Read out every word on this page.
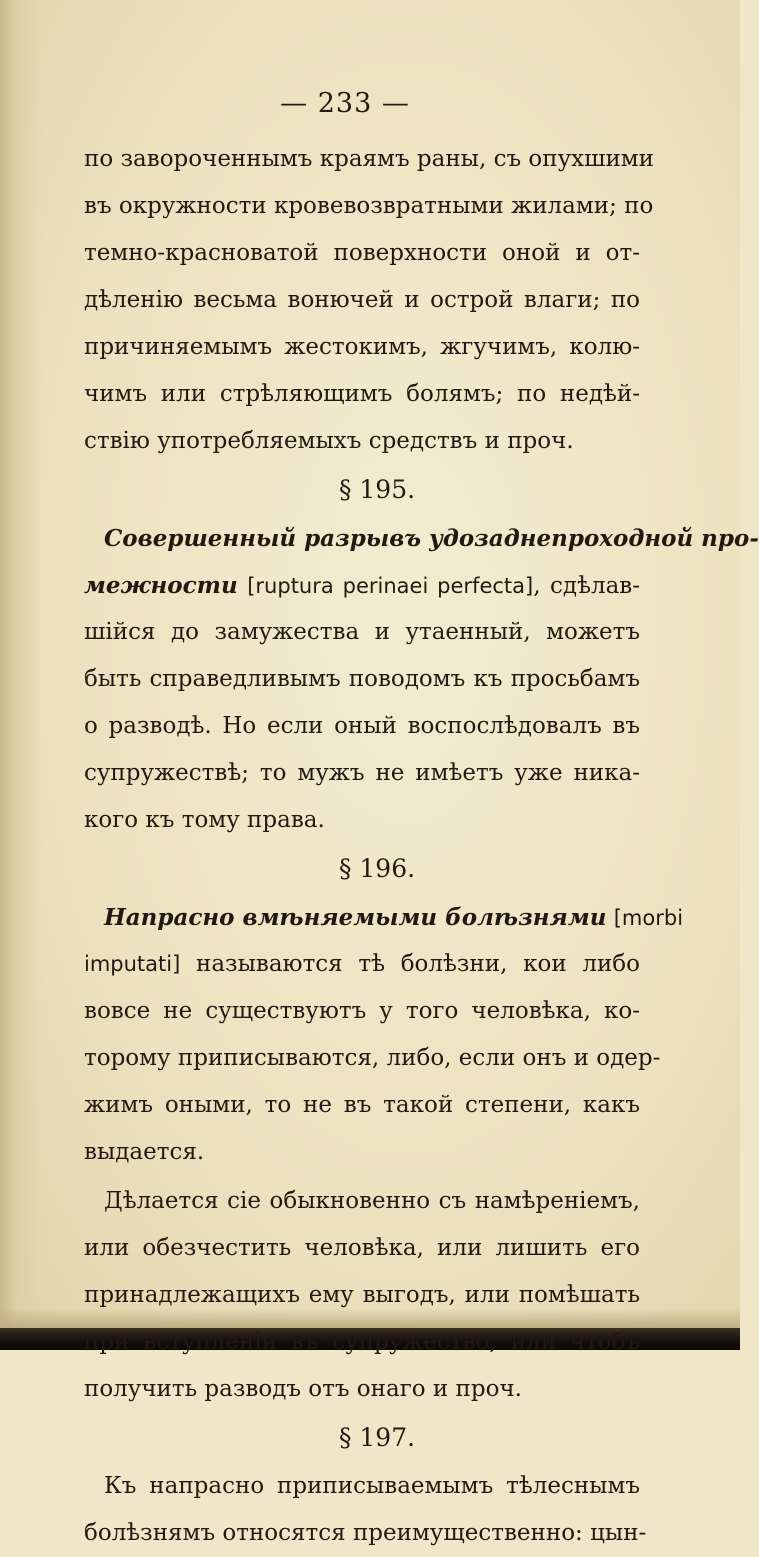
— 233 —
по завороченнымъ краямъ раны, съ опухшими
въ окружности кровевозвратными жилами; по
темно-красноватой поверхности оной и от-
дѣленію весьма вонючей и острой влаги; по
причиняемымъ жестокимъ, жгучимъ, колю-
чимъ или стрѣляющимъ болямъ; по недѣй-
ствію употребляемыхъ средствъ и проч.
§ 195.
Совершенный разрывъ удозаднепроходной про-
межности [ruptura perinaei perfecta], сдѣлав-
шійся до замужества и утаенный, можетъ
быть справедливымъ поводомъ къ просьбамъ
о разводѣ. Но если оный воспослѣдовалъ въ
супружествѣ; то мужъ не имѣетъ уже ника-
кого къ тому права.
§ 196.
Напрасно вмѣняемыми болѣзнями [morbi
imputati] называются тѣ болѣзни, кои либо
вовсе не существуютъ у того человѣка, ко-
торому приписываются, либо, если онъ и одер-
жимъ оными, то не въ такой степени, какъ
выдается.
Дѣлается сіе обыкновенно съ намѣреніемъ,
или обезчестить человѣка, или лишить его
принадлежащихъ ему выгодъ, или помѣшать
при вступленіи въ супружество, или чтобъ
получить разводъ отъ онаго и проч.
§ 197.
Къ напрасно приписываемымъ тѣлеснымъ
болѣзнямъ относятся преимущественно: цын-
